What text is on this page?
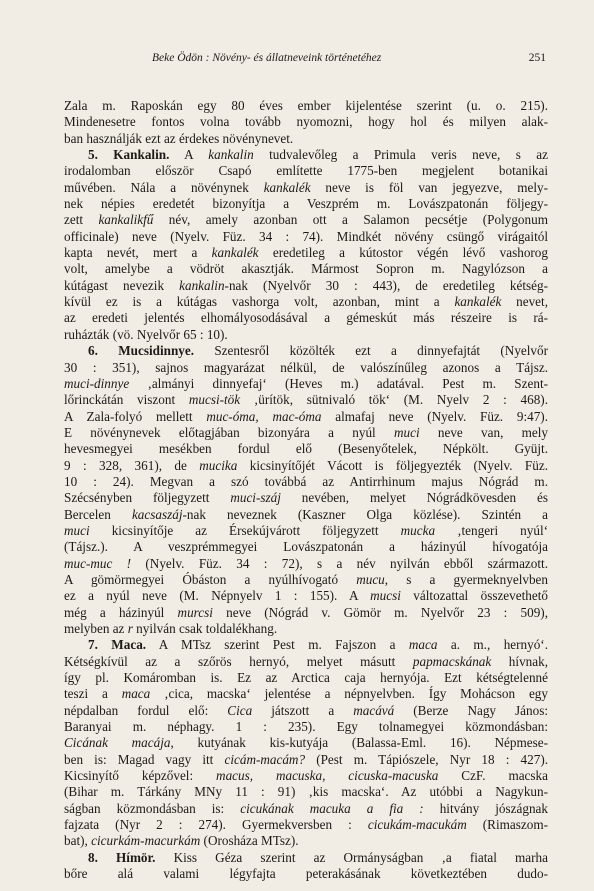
Beke Ödön : Növény- és állatneveink történetéhez	251
Zala m. Raposkán egy 80 éves ember kijelentése szerint (u. o. 215).
Mindenesetre fontos volna tovább nyomozni, hogy hol és milyen alak-
ban használják ezt az érdekes növénynevet.
5. Kankalin. A kankalin tudvalevőleg a Primula veris neve, s az
irodalomban először Csapó említette 1775-ben megjelent botanikai
művében. Nála a növénynek kankalék neve is föl van jegyezve, mely-
nek népies eredetét bizonyítja a Veszprém m. Lovászpatonán följegy-
zett kankalikfű név, amely azonban ott a Salamon pecsétje (Polygonum
officinale) neve (Nyelv. Füz. 34 : 74). Mindkét növény csüngő virágaitól
kapta nevét, mert a kankalék eredetileg a kútostor végén lévő vashorog
volt, amelybe a vödröt akasztják. Mármost Sopron m. Nagylózson a
kútágast nevezik kankalin-nak (Nyelvőr 30 : 443), de eredetileg kétség-
kívül ez is a kútágas vashorga volt, azonban, mint a kankalék nevet,
az eredeti jelentés elhomályosodásával a gémeskút más részeire is rá-
ruházták (vö. Nyelvőr 65 : 10).
6. Mucsidinnye. Szentesről közölték ezt a dinnyefajtát (Nyelvőr
30 : 351), sajnos magyarázat nélkül, de valószínűleg azonos a Tájsz.
muci-dinnye ‚almányi dinnyefaj‘ (Heves m.) adatával. Pest m. Szent-
lőrinckátán viszont mucsi-tök ‚ürítök, sütnivaló tök‘ (M. Nyelv 2 : 468).
A Zala-folyó mellett muc-óma, mac-óma almafaj neve (Nyelv. Füz. 9:47).
E növénynevek előtagjában bizonyára a nyúl muci neve van, mely
hevesmegyei mesékben fordul elő (Besenyőtelek, Népkölt. Gyüjt.
9 : 328, 361), de mucika kicsinyítőjét Vácott is följegyezték (Nyelv. Füz.
10 : 24). Megvan a szó továbbá az Antirrhinum majus Nógrád m.
Szécsényben följegyzett muci-száj nevében, melyet Nógrádkövesden és
Bercelen kacsaszáj-nak neveznek (Kaszner Olga közlése). Szintén a
muci kicsinyítője az Érsekújvárott följegyzett mucka ‚tengeri nyúl‘
(Tájsz.). A veszprémmegyei Lovászpatonán a házinyúl hívogatója
muc-muc ! (Nyelv. Füz. 34 : 72), s a név nyilván ebből származott.
A gömörmegyei Óbáston a nyúlhívogató mucu, s a gyermeknyelvben
ez a nyúl neve (M. Népnyelv 1 : 155). A mucsi változattal összevethető
még a házinyúl murcsi neve (Nógrád v. Gömör m. Nyelvőr 23 : 509),
melyben az r nyilván csak toldalékhang.
7. Maca. A MTsz szerint Pest m. Fajszon a maca a. m., hernyó‘.
Kétségkívül az a szőrös hernyó, melyet másutt papmacskának hívnak,
így pl. Komáromban is. Ez az Arctica caja hernyója. Ezt kétségtelenné
teszi a maca ‚cica, macska‘ jelentése a népnyelvben. Így Mohácson egy
népdalban fordul elő: Cica játszott a macává (Berze Nagy János:
Baranyai m. néphagy. 1 : 235). Egy tolnamegyei közmondásban:
Cicának macája, kutyának kis-kutyája (Balassa-Eml. 16). Népmese-
ben is: Magad vagy itt cicám-macám? (Pest m. Tápiószele, Nyr 18 : 427).
Kicsinyítő képzővel: macus, macuska, cicuska-macuska CzF. macska
(Bihar m. Tárkány MNy 11 : 91) ‚kis macska‘. Az utóbbi a Nagykun-
ságban közmondásban is: cicukának macuka a fia : hitvány jószágnak
fajzata (Nyr 2 : 274). Gyermekversben : cicukám-macukám (Rimaszom-
bat), cicurkám-macurkám (Orosháza MTsz).
8. Hímör. Kiss Géza szerint az Ormányságban ‚a fiatal marha
bőre alá valami légyfajta peterakásának következtében dudo-
